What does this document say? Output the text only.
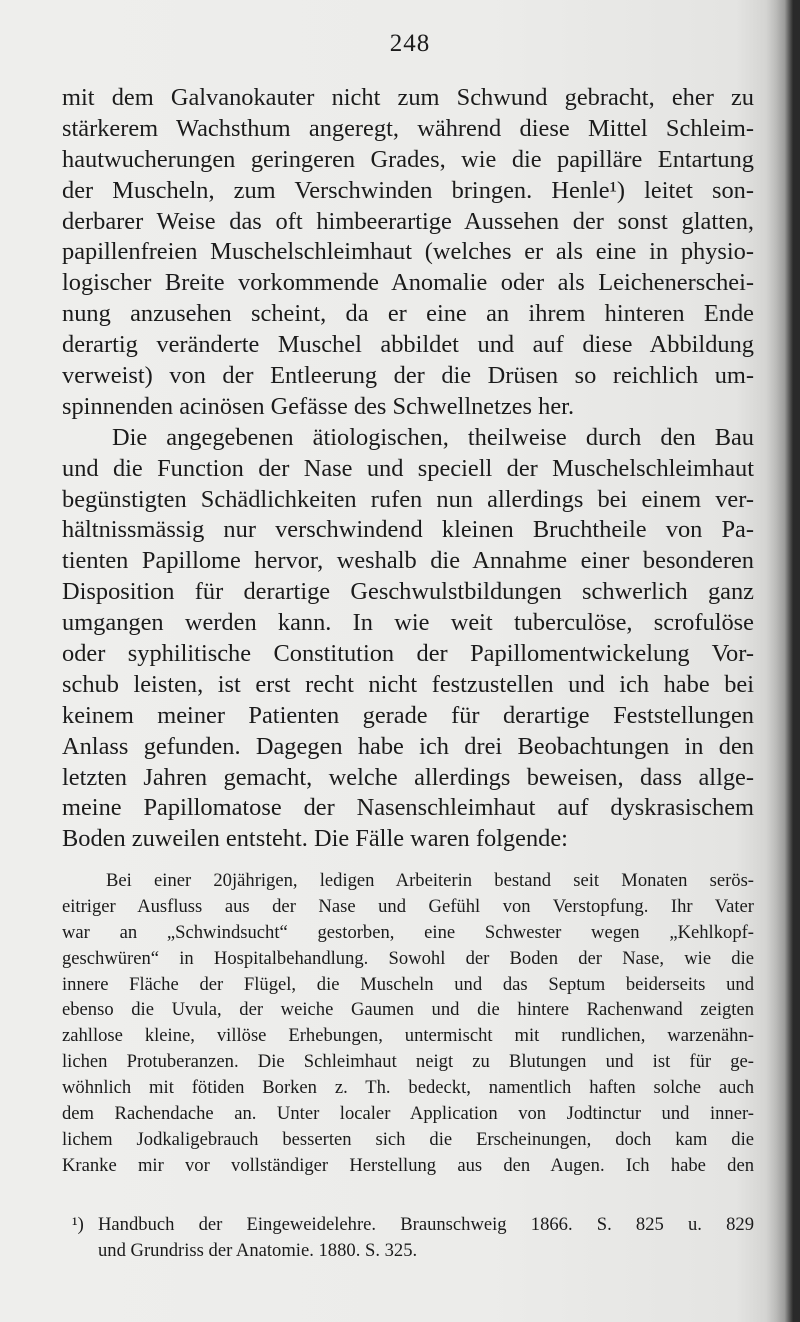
248
mit dem Galvanokauter nicht zum Schwund gebracht, eher zu
stärkerem Wachsthum angeregt, während diese Mittel Schleim-
hautwucherungen geringeren Grades, wie die papilläre Entartung
der Muscheln, zum Verschwinden bringen. Henle¹) leitet son-
derbarer Weise das oft himbeerartige Aussehen der sonst glatten,
papillenfreien Muschelschleimhaut (welches er als eine in physio-
logischer Breite vorkommende Anomalie oder als Leichenerschei-
nung anzusehen scheint, da er eine an ihrem hinteren Ende
derartig veränderte Muschel abbildet und auf diese Abbildung
verweist) von der Entleerung der die Drüsen so reichlich um-
spinnenden acinösen Gefässe des Schwellnetzes her.
Die angegebenen ätiologischen, theilweise durch den Bau
und die Function der Nase und speciell der Muschelschleimhaut
begünstigten Schädlichkeiten rufen nun allerdings bei einem ver-
hältnissmässig nur verschwindend kleinen Bruchtheile von Pa-
tienten Papillome hervor, weshalb die Annahme einer besonderen
Disposition für derartige Geschwulstbildungen schwerlich ganz
umgangen werden kann. In wie weit tuberculöse, scrofulöse
oder syphilitische Constitution der Papillomentwickelung Vor-
schub leisten, ist erst recht nicht festzustellen und ich habe bei
keinem meiner Patienten gerade für derartige Feststellungen
Anlass gefunden. Dagegen habe ich drei Beobachtungen in den
letzten Jahren gemacht, welche allerdings beweisen, dass allge-
meine Papillomatose der Nasenschleimhaut auf dyskrasischem
Boden zuweilen entsteht. Die Fälle waren folgende:
Bei einer 20jährigen, ledigen Arbeiterin bestand seit Monaten serös-
eitriger Ausfluss aus der Nase und Gefühl von Verstopfung. Ihr Vater
war an „Schwindsucht“ gestorben, eine Schwester wegen „Kehlkopf-
geschwüren“ in Hospitalbehandlung. Sowohl der Boden der Nase, wie die
innere Fläche der Flügel, die Muscheln und das Septum beiderseits und
ebenso die Uvula, der weiche Gaumen und die hintere Rachenwand zeigten
zahllose kleine, villöse Erhebungen, untermischt mit rundlichen, warzenähn-
lichen Protuberanzen. Die Schleimhaut neigt zu Blutungen und ist für ge-
wöhnlich mit fötiden Borken z. Th. bedeckt, namentlich haften solche auch
dem Rachendache an. Unter localer Application von Jodtinctur und inner-
lichem Jodkaligebrauch besserten sich die Erscheinungen, doch kam die
Kranke mir vor vollständiger Herstellung aus den Augen. Ich habe den
¹) Handbuch der Eingeweidelehre. Braunschweig 1866. S. 825 u. 829
und Grundriss der Anatomie. 1880. S. 325.
